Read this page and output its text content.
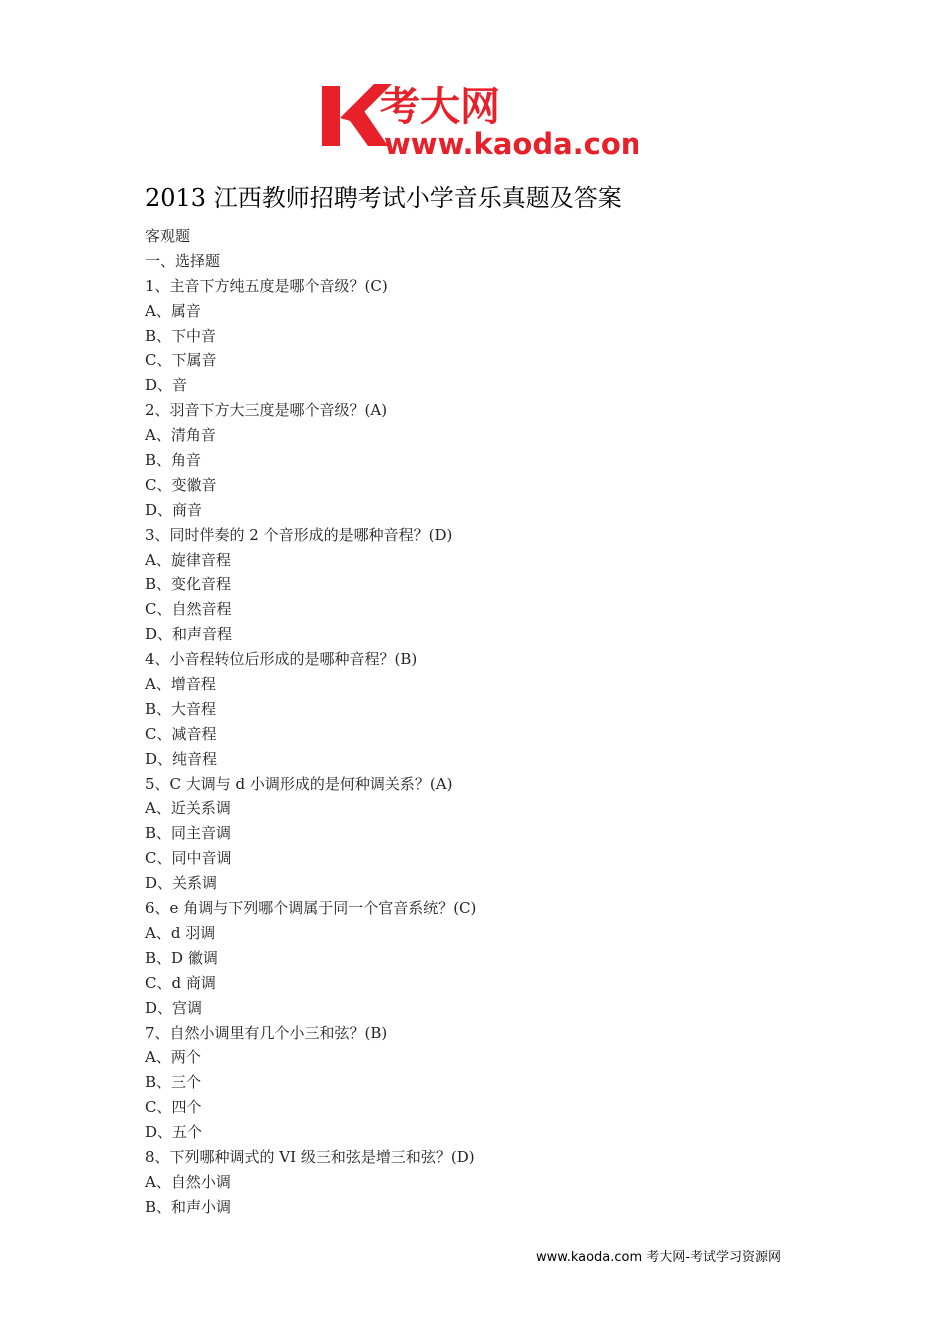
考大网
www.kaoda.com
2013 江西教师招聘考试小学音乐真题及答案
客观题
一、选择题
1、主音下方纯五度是哪个音级？(C)
A、属音
B、下中音
C、下属音
D、音
2、羽音下方大三度是哪个音级？(A)
A、清角音
B、角音
C、变徽音
D、商音
3、同时伴奏的 2 个音形成的是哪种音程？(D)
A、旋律音程
B、变化音程
C、自然音程
D、和声音程
4、小音程转位后形成的是哪种音程？(B)
A、增音程
B、大音程
C、减音程
D、纯音程
5、C 大调与 d 小调形成的是何种调关系？(A)
A、近关系调
B、同主音调
C、同中音调
D、关系调
6、e 角调与下列哪个调属于同一个官音系统？(C)
A、d 羽调
B、D 徽调
C、d 商调
D、宫调
7、自然小调里有几个小三和弦？(B)
A、两个
B、三个
C、四个
D、五个
8、下列哪种调式的 VI 级三和弦是增三和弦？(D)
A、自然小调
B、和声小调
www.kaoda.com 考大网-考试学习资源网
